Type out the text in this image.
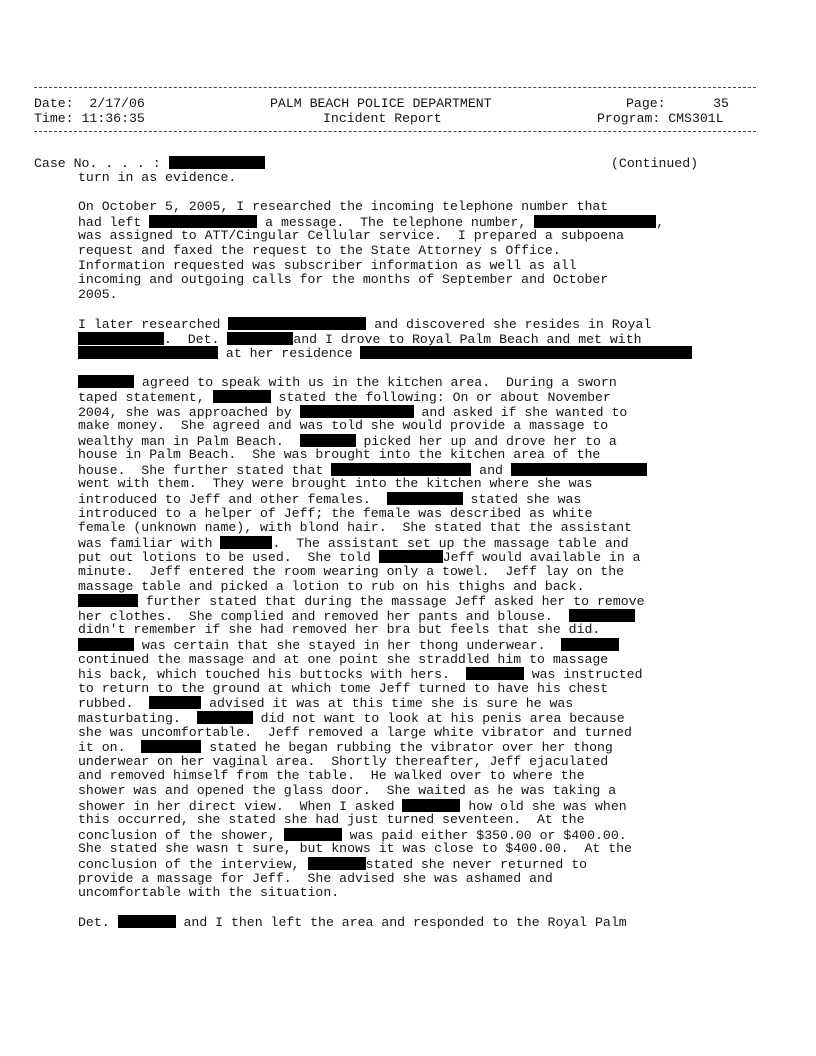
Date: 2/17/06
Time: 11:36:35
PALM BEACH POLICE DEPARTMENT
Incident Report
Page:	35
Program: CMS301L
Case No. . . . :	(Continued)
turn in as evidence.
On October 5, 2005, I researched the incoming telephone number that
had left	a message.  The telephone number,	,
was assigned to ATT/Cingular Cellular service.  I prepared a subpoena
request and faxed the request to the State Attorney s Office.
Information requested was subscriber information as well as all
incoming and outgoing calls for the months of September and October
2005.
I later researched	and discovered she resides in Royal
.  Det.	and I drove to Royal Palm Beach and met with
at her residence
agreed to speak with us in the kitchen area.  During a sworn
taped statement,	stated the following: On or about November
2004, she was approached by	and asked if she wanted to
make money.  She agreed and was told she would provide a massage to
wealthy man in Palm Beach.	picked her up and drove her to a
house in Palm Beach.  She was brought into the kitchen area of the
house.  She further stated that	and
went with them.  They were brought into the kitchen where she was
introduced to Jeff and other females.	stated she was
introduced to a helper of Jeff; the female was described as white
female (unknown name), with blond hair.  She stated that the assistant
was familiar with	.  The assistant set up the massage table and
put out lotions to be used.  She told	Jeff would available in a
minute.  Jeff entered the room wearing only a towel.  Jeff lay on the
massage table and picked a lotion to rub on his thighs and back.
further stated that during the massage Jeff asked her to remove
her clothes.  She complied and removed her pants and blouse.
didn't remember if she had removed her bra but feels that she did.
was certain that she stayed in her thong underwear.
continued the massage and at one point she straddled him to massage
his back, which touched his buttocks with hers.	was instructed
to return to the ground at which tome Jeff turned to have his chest
rubbed.	advised it was at this time she is sure he was
masturbating.	did not want to look at his penis area because
she was uncomfortable.  Jeff removed a large white vibrator and turned
it on.	stated he began rubbing the vibrator over her thong
underwear on her vaginal area.  Shortly thereafter, Jeff ejaculated
and removed himself from the table.  He walked over to where the
shower was and opened the glass door.  She waited as he was taking a
shower in her direct view.  When I asked	how old she was when
this occurred, she stated she had just turned seventeen.  At the
conclusion of the shower,	was paid either $350.00 or $400.00.
She stated she wasn t sure, but knows it was close to $400.00.  At the
conclusion of the interview,	stated she never returned to
provide a massage for Jeff.  She advised she was ashamed and
uncomfortable with the situation.
Det.	and I then left the area and responded to the Royal Palm
